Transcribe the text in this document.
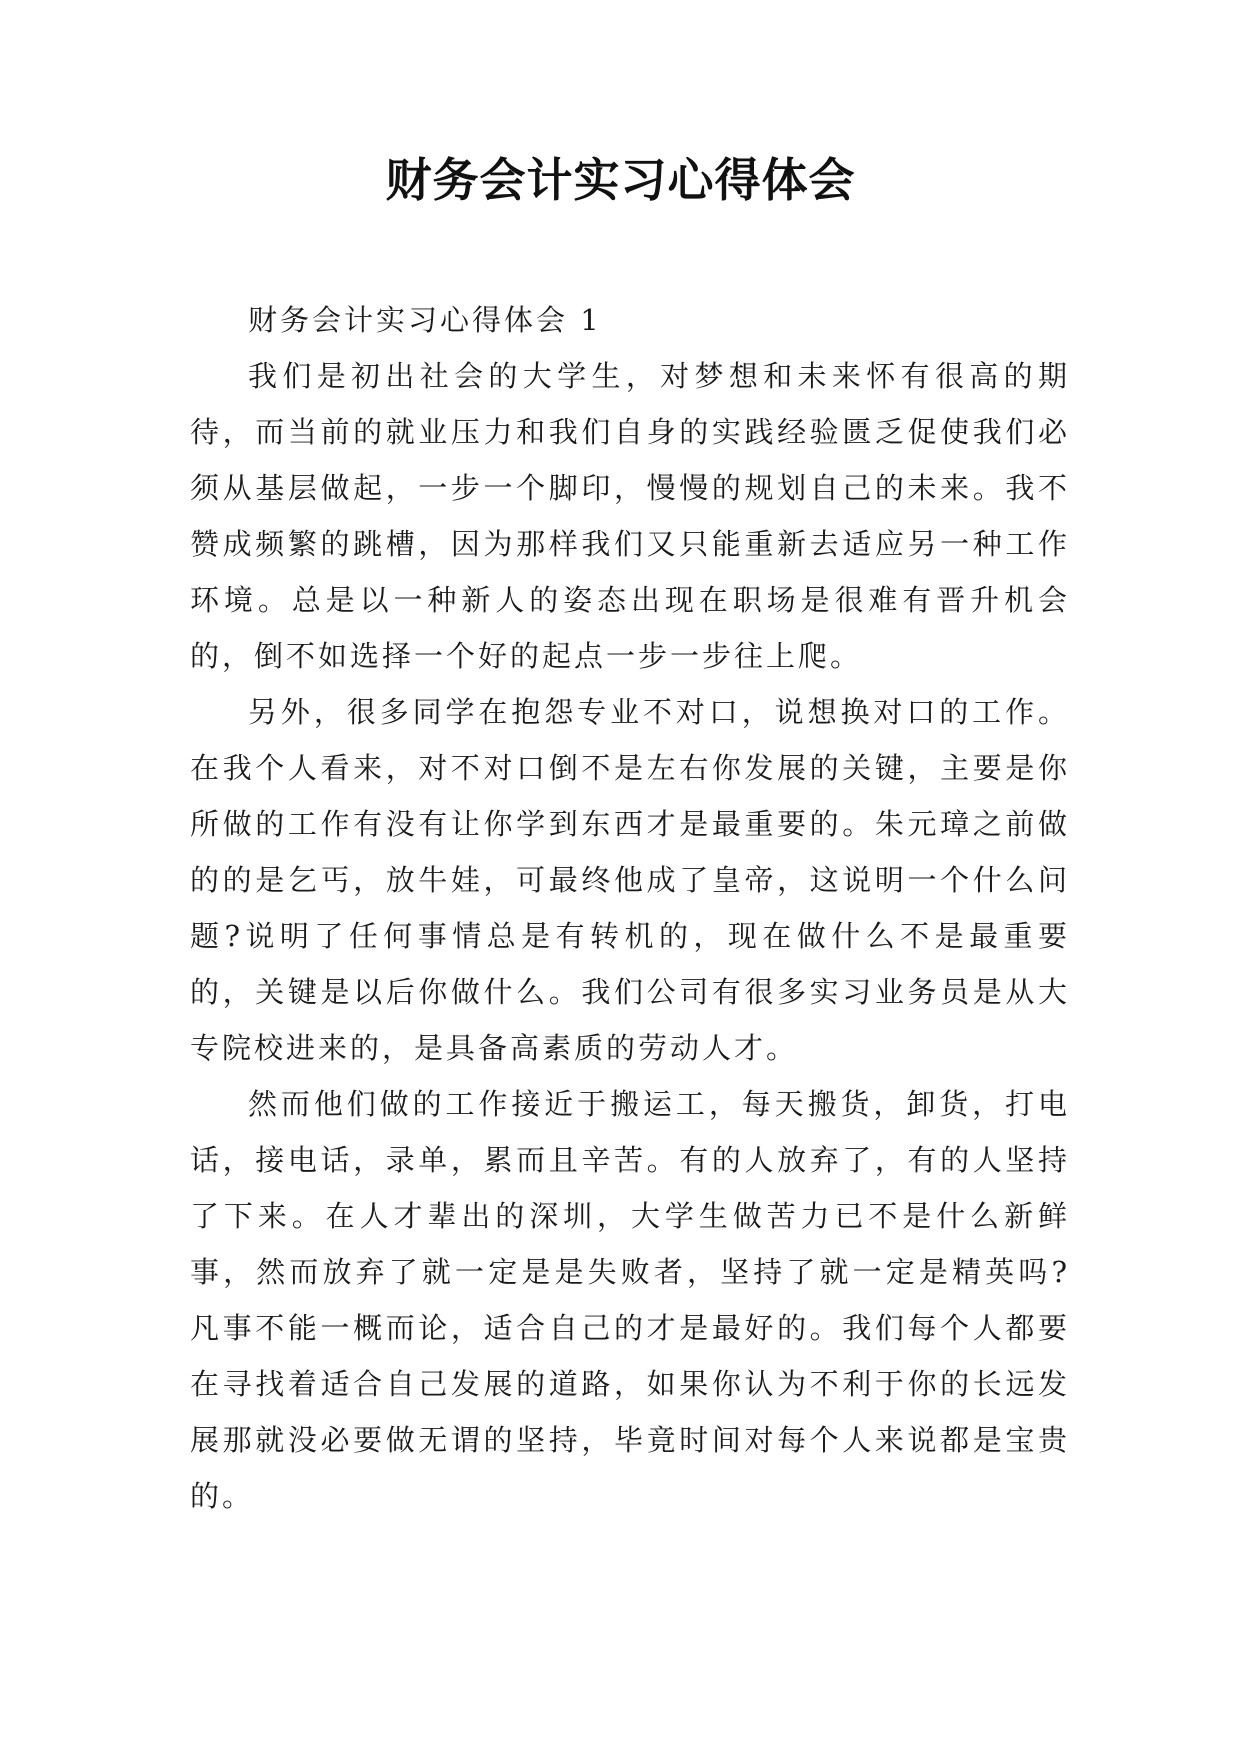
财务会计实习心得体会

财务会计实习心得体会 1

我们是初出社会的大学生，对梦想和未来怀有很高的期待，而当前的就业压力和我们自身的实践经验匮乏促使我们必须从基层做起，一步一个脚印，慢慢的规划自己的未来。我不赞成频繁的跳槽，因为那样我们又只能重新去适应另一种工作环境。总是以一种新人的姿态出现在职场是很难有晋升机会的，倒不如选择一个好的起点一步一步往上爬。

另外，很多同学在抱怨专业不对口，说想换对口的工作。在我个人看来，对不对口倒不是左右你发展的关键，主要是你所做的工作有没有让你学到东西才是最重要的。朱元璋之前做的的是乞丐，放牛娃，可最终他成了皇帝，这说明一个什么问题?说明了任何事情总是有转机的，现在做什么不是最重要的，关键是以后你做什么。我们公司有很多实习业务员是从大专院校进来的，是具备高素质的劳动人才。

然而他们做的工作接近于搬运工，每天搬货，卸货，打电话，接电话，录单，累而且辛苦。有的人放弃了，有的人坚持了下来。在人才辈出的深圳，大学生做苦力已不是什么新鲜事，然而放弃了就一定是是失败者，坚持了就一定是精英吗?凡事不能一概而论，适合自己的才是最好的。我们每个人都要在寻找着适合自己发展的道路，如果你认为不利于你的长远发展那就没必要做无谓的坚持，毕竟时间对每个人来说都是宝贵的。
